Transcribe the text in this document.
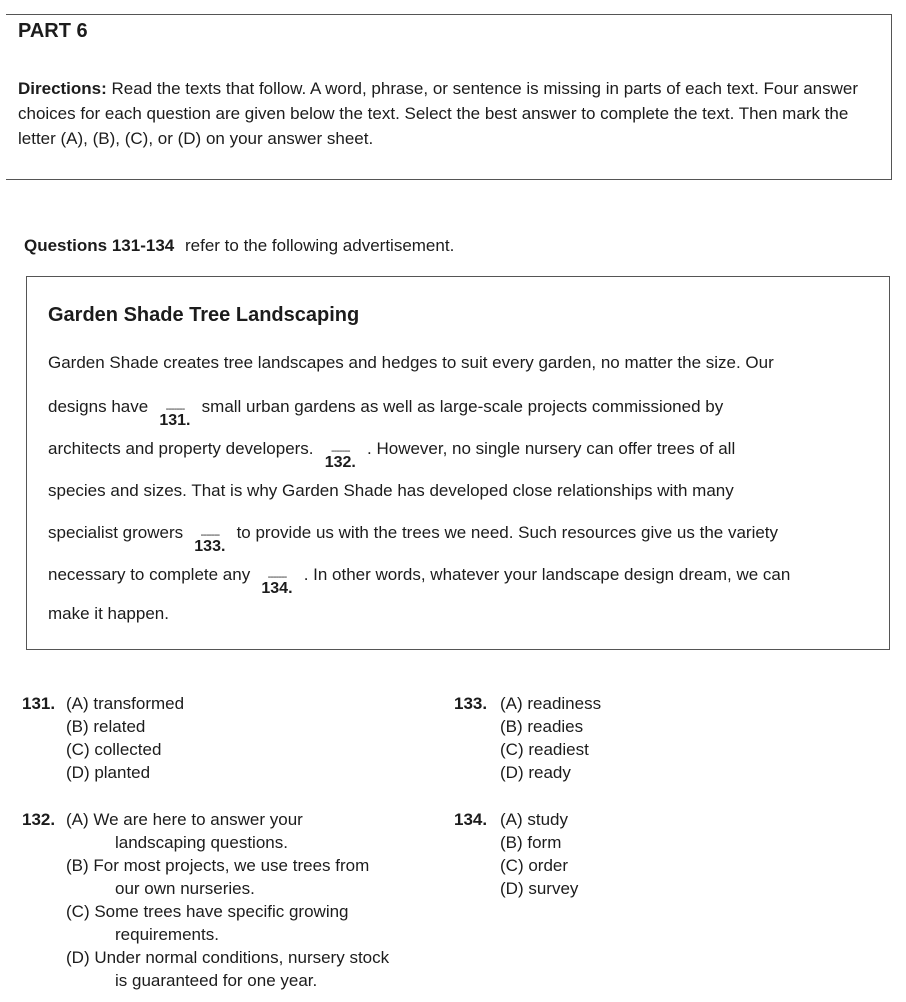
PART 6
Directions: Read the texts that follow. A word, phrase, or sentence is missing in parts of each text. Four answer choices for each question are given below the text. Select the best answer to complete the text. Then mark the letter (A), (B), (C), or (D) on your answer sheet.
Questions 131-134 refer to the following advertisement.
Garden Shade Tree Landscaping
Garden Shade creates tree landscapes and hedges to suit every garden, no matter the size. Our
designs have	-------
131.
small urban gardens as well as large-scale projects commissioned by
architects and property developers.	-------
132.
. However, no single nursery can offer trees of all
species and sizes. That is why Garden Shade has developed close relationships with many
specialist growers	-------
133.
to provide us with the trees we need. Such resources give us the variety
necessary to complete any	-------
134.
. In other words, whatever your landscape design dream, we can
make it happen.
131. (A) transformed
(B) related
(C) collected
(D) planted
133. (A) readiness
(B) readies
(C) readiest
(D) ready
132. (A) We are here to answer your
landscaping questions.
(B) For most projects, we use trees from
our own nurseries.
(C) Some trees have specific growing
requirements.
(D) Under normal conditions, nursery stock
is guaranteed for one year.
134. (A) study
(B) form
(C) order
(D) survey
